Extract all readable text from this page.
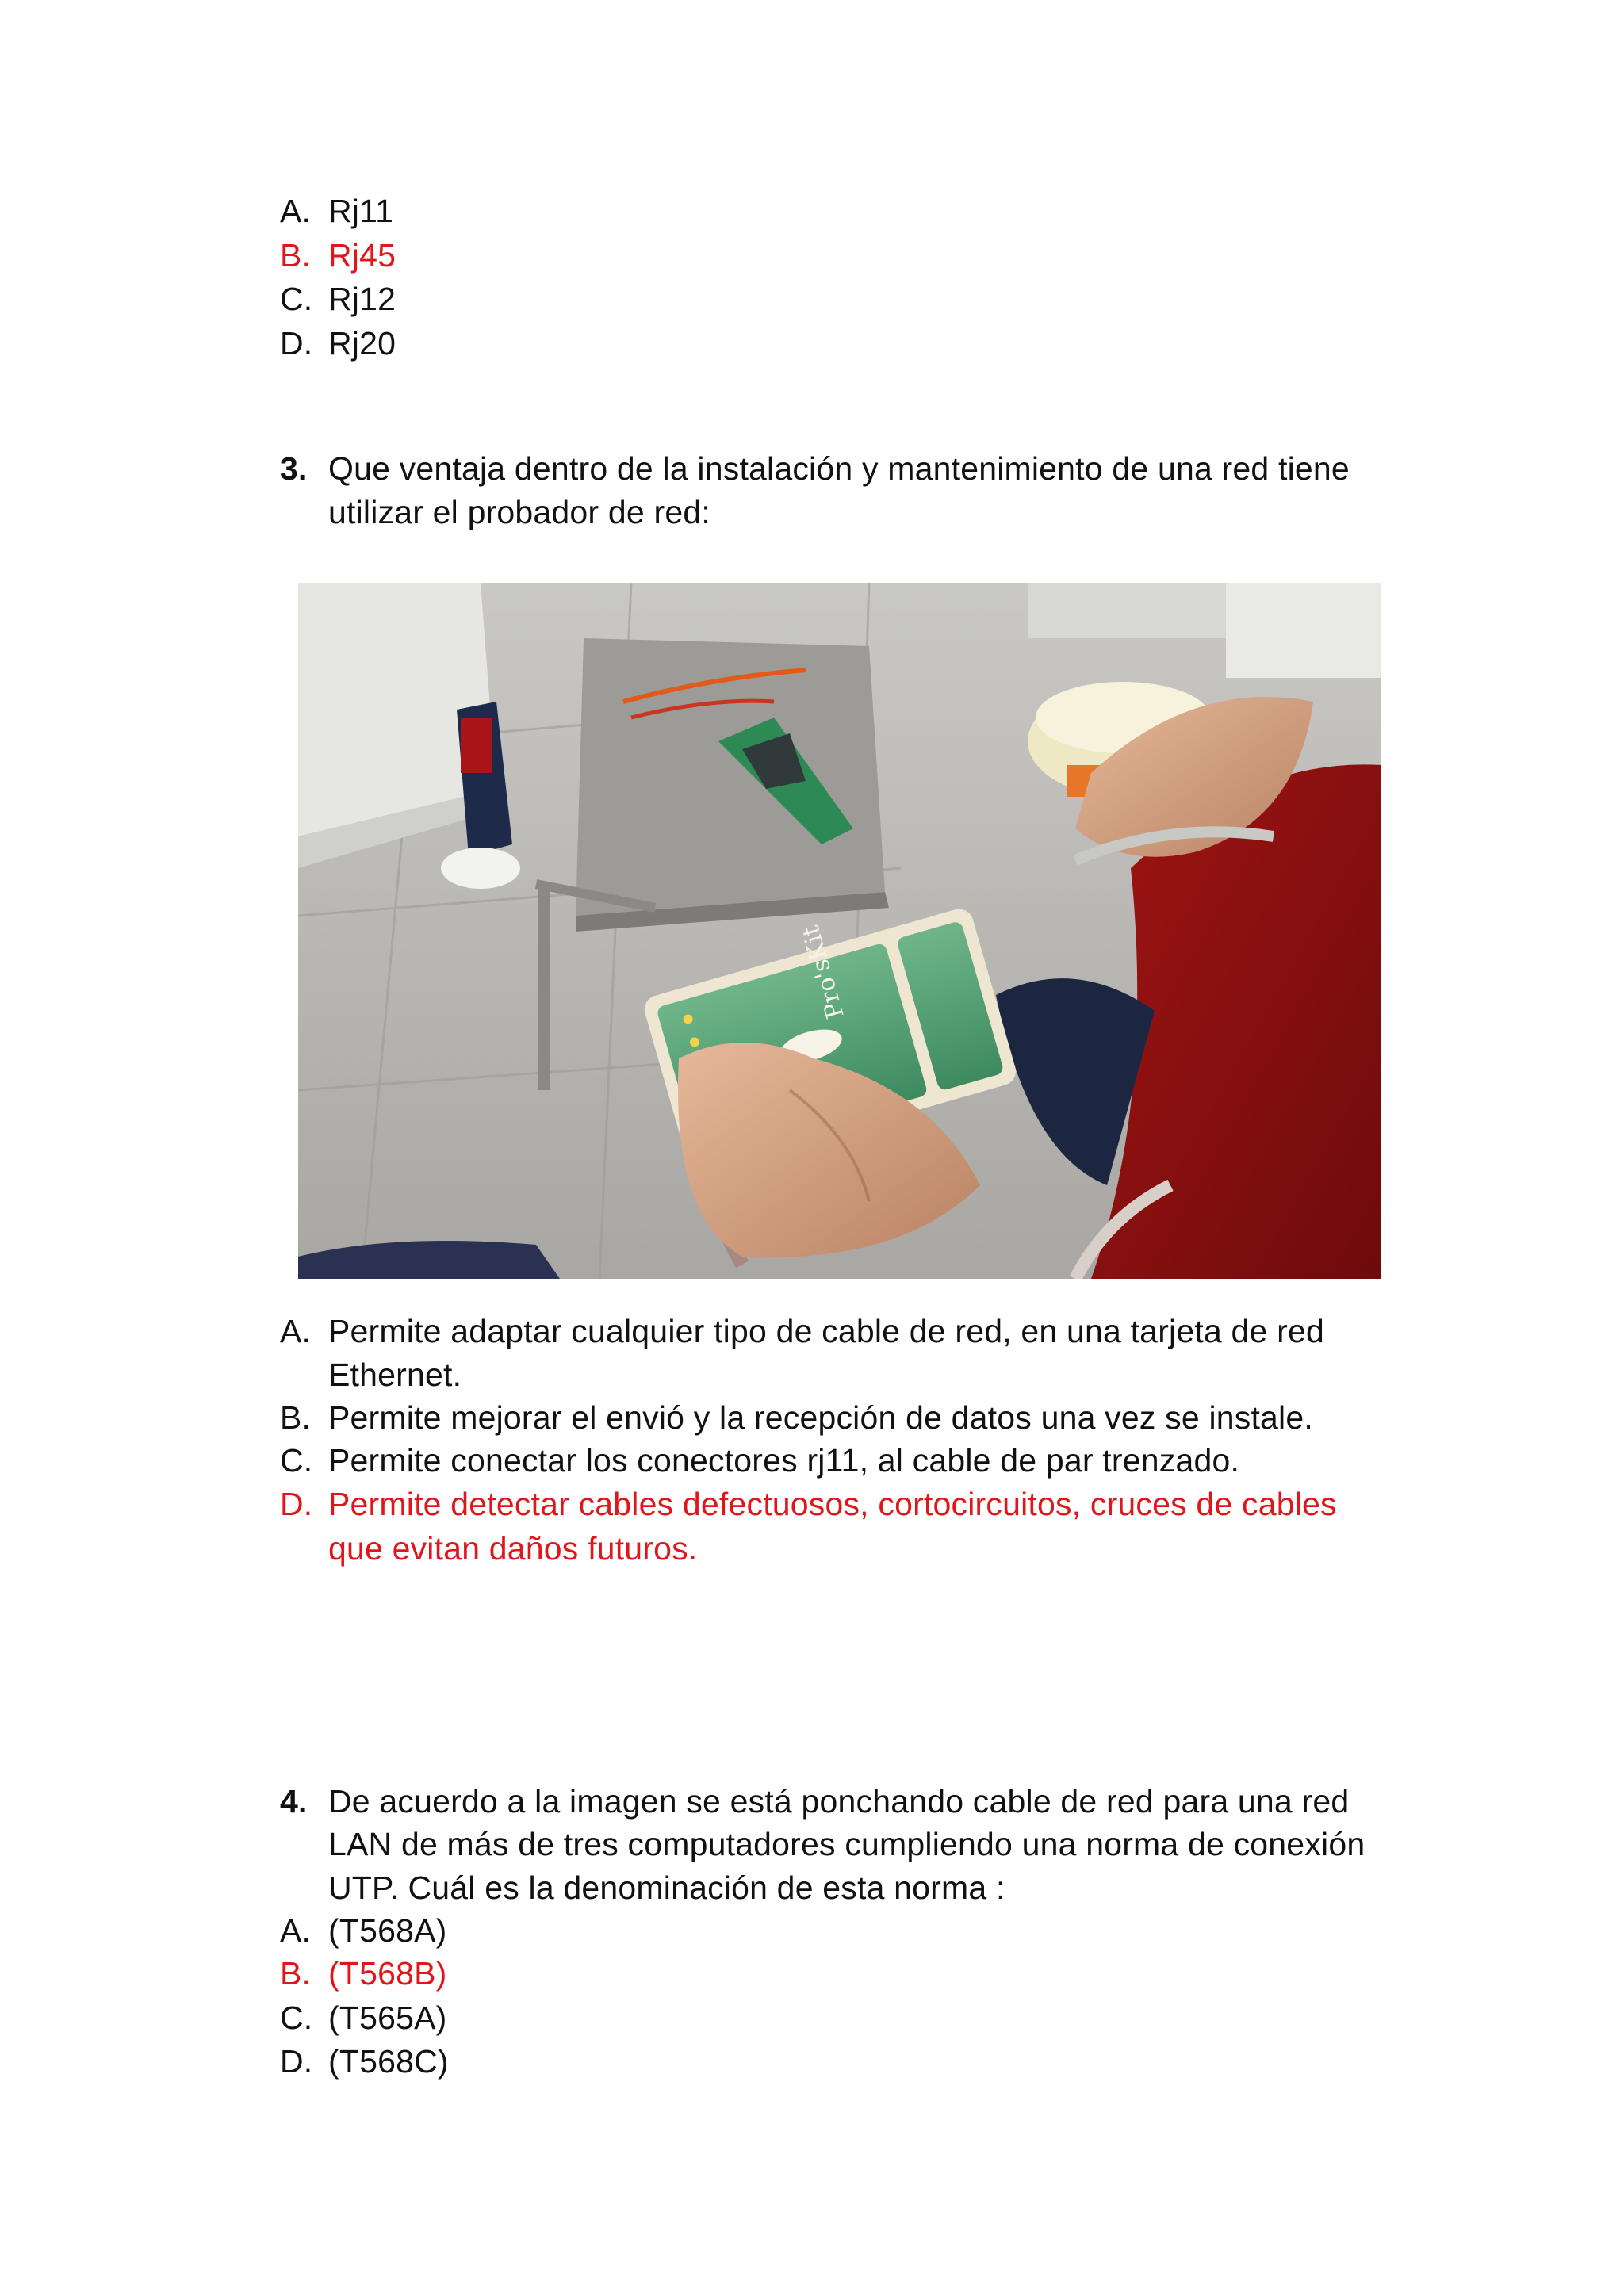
A. Rj11

B. Rj45

C. Rj12

D. Rj20

3. Que ventaja dentro de la instalación y mantenimiento de una red tiene

utilizar el probador de red:

Pro'sKit

A. Permite adaptar cualquier tipo de cable de red, en una tarjeta de red

Ethernet.

B. Permite mejorar el envió y la recepción de datos una vez se instale.

C. Permite conectar los conectores rj11, al cable de par trenzado.

D. Permite detectar cables defectuosos, cortocircuitos, cruces de cables

que evitan daños futuros.

4. De acuerdo a la imagen se está ponchando cable de red para una red

LAN de más de tres computadores cumpliendo una norma de conexión

UTP. Cuál es la denominación de esta norma :

A. (T568A)

B. (T568B)

C. (T565A)

D. (T568C)
